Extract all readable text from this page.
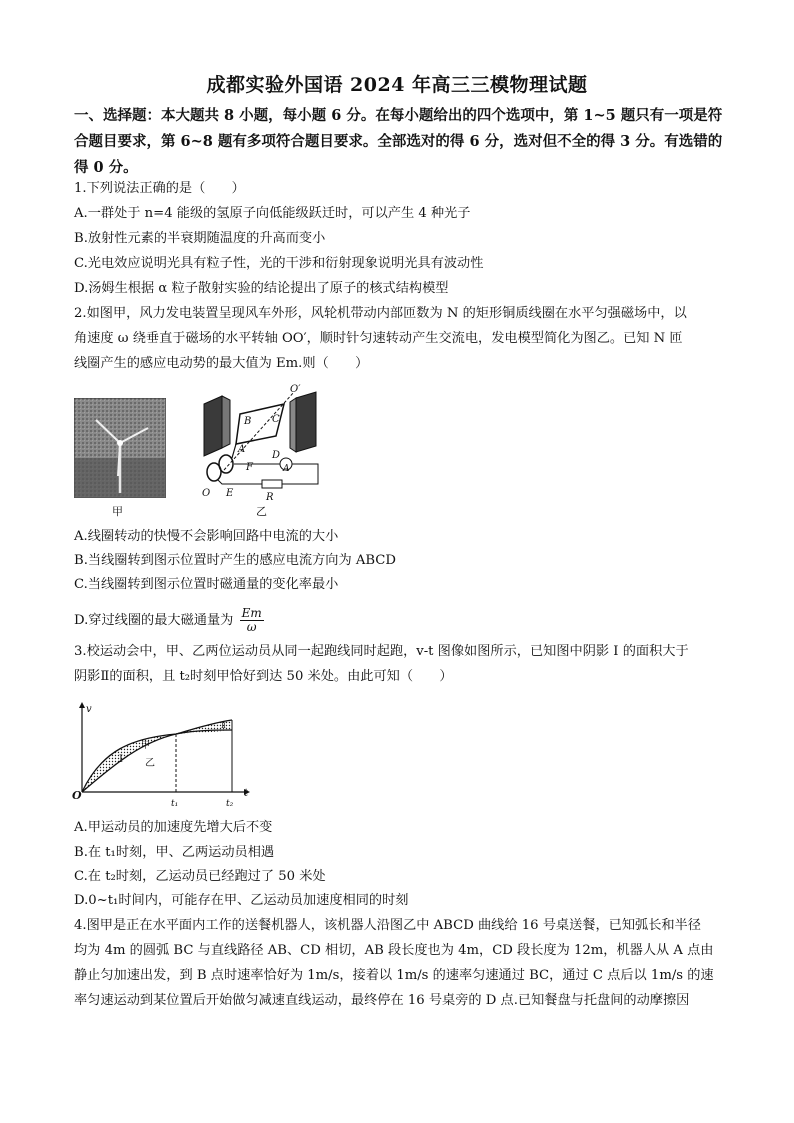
成都实验外国语 2024 年高三三模物理试题
一、选择题：本大题共 8 小题，每小题 6 分。在每小题给出的四个选项中，第 1~5 题只有一项是符合题目要求，第 6~8 题有多项符合题目要求。全部选对的得 6 分，选对但不全的得 3 分。有选错的得 0 分。
1.下列说法正确的是（　　）
A.一群处于 n=4 能级的氢原子向低能级跃迁时，可以产生 4 种光子
B.放射性元素的半衰期随温度的升高而变小
C.光电效应说明光具有粒子性，光的干涉和衍射现象说明光具有波动性
D.汤姆生根据 α 粒子散射实验的结论提出了原子的核式结构模型
2.如图甲，风力发电装置呈现风车外形，风轮机带动内部匝数为 N 的矩形铜质线圈在水平匀强磁场中，以
角速度 ω 绕垂直于磁场的水平转轴 OO′，顺时针匀速转动产生交流电，发电模型简化为图乙。已知 N 匝
线圈产生的感应电动势的最大值为 Em.则（　　）
甲
O′
B C
A
D
F
O E	R
A
乙
A.线圈转动的快慢不会影响回路中电流的大小
B.当线圈转到图示位置时产生的感应电流方向为 ABCD
C.当线圈转到图示位置时磁通量的变化率最小
D.穿过线圈的最大磁通量为 $\frac{Em}{\omega}$
3.校运动会中，甲、乙两位运动员从同一起跑线同时起跑，v-t 图像如图所示，已知图中阴影 I 的面积大于
阴影Ⅱ的面积，且 t₂时刻甲恰好到达 50 米处。由此可知（　　）
v
t
O
t₁	t₂
甲
乙
Ⅰ
Ⅱ
A.甲运动员的加速度先增大后不变
B.在 t₁时刻，甲、乙两运动员相遇
C.在 t₂时刻，乙运动员已经跑过了 50 米处
D.0~t₁时间内，可能存在甲、乙运动员加速度相同的时刻
4.图甲是正在水平面内工作的送餐机器人，该机器人沿图乙中 ABCD 曲线给 16 号桌送餐，已知弧长和半径
均为 4m 的圆弧 BC 与直线路径 AB、CD 相切，AB 段长度也为 4m，CD 段长度为 12m，机器人从 A 点由
静止匀加速出发，到 B 点时速率恰好为 1m/s，接着以 1m/s 的速率匀速通过 BC，通过 C 点后以 1m/s 的速
率匀速运动到某位置后开始做匀减速直线运动，最终停在 16 号桌旁的 D 点.已知餐盘与托盘间的动摩擦因
